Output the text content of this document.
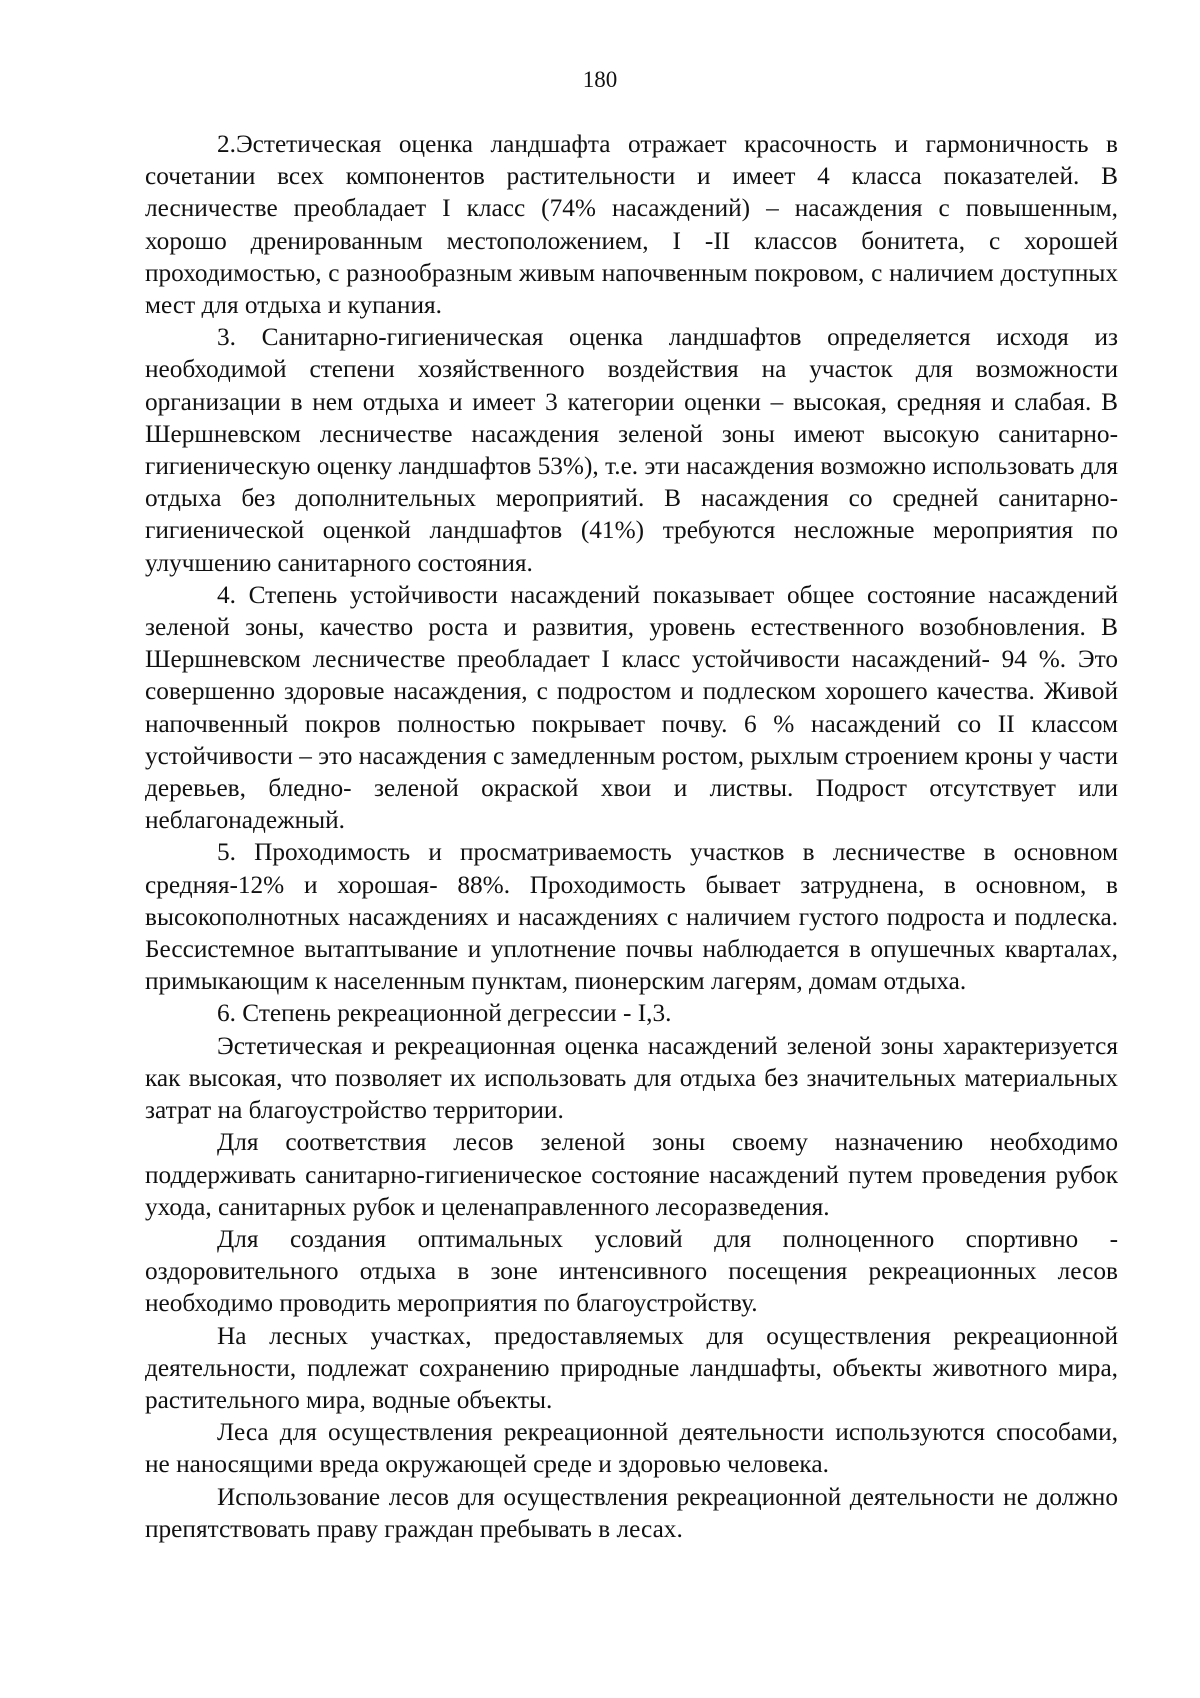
180

2.Эстетическая оценка ландшафта отражает красочность и гармоничность в сочетании всех компонентов растительности и имеет 4 класса показателей. В лесничестве преобладает I класс (74% насаждений) – насаждения с повышенным, хорошо дренированным местоположением, I -II классов бонитета, с хорошей проходимостью, с разнообразным живым напочвенным покровом, с наличием доступных мест для отдыха и купания.

3. Санитарно-гигиеническая оценка ландшафтов определяется исходя из необходимой степени хозяйственного воздействия на участок для возможности организации в нем отдыха и имеет 3 категории оценки – высокая, средняя и слабая. В Шершневском лесничестве насаждения зеленой зоны имеют высокую санитарно-гигиеническую оценку ландшафтов 53%), т.е. эти насаждения возможно использовать для отдыха без дополнительных мероприятий. В насаждения со средней санитарно-гигиенической оценкой ландшафтов (41%) требуются несложные мероприятия по улучшению санитарного состояния.

4. Степень устойчивости насаждений показывает общее состояние насаждений зеленой зоны, качество роста и развития, уровень естественного возобновления. В Шершневском лесничестве преобладает I класс устойчивости насаждений- 94 %. Это совершенно здоровые насаждения, с подростом и подлеском хорошего качества. Живой напочвенный покров полностью покрывает почву. 6 % насаждений со II классом устойчивости – это насаждения с замедленным ростом, рыхлым строением кроны у части деревьев, бледно- зеленой окраской хвои и листвы. Подрост отсутствует или неблагонадежный.

5. Проходимость и просматриваемость участков в лесничестве в основном средняя-12% и хорошая- 88%. Проходимость бывает затруднена, в основном, в высокополнотных насаждениях и насаждениях с наличием густого подроста и подлеска. Бессистемное вытаптывание и уплотнение почвы наблюдается в опушечных кварталах, примыкающим к населенным пунктам, пионерским лагерям, домам отдыха.

6. Степень рекреационной дегрессии - I,3.

Эстетическая и рекреационная оценка насаждений зеленой зоны характеризуется как высокая, что позволяет их использовать для отдыха без значительных материальных затрат на благоустройство территории.

Для соответствия лесов зеленой зоны своему назначению необходимо поддерживать санитарно-гигиеническое состояние насаждений путем проведения рубок ухода, санитарных рубок и целенаправленного лесоразведения.

Для создания оптимальных условий для полноценного спортивно - оздоровительного отдыха в зоне интенсивного посещения рекреационных лесов необходимо проводить мероприятия по благоустройству.

На лесных участках, предоставляемых для осуществления рекреационной деятельности, подлежат сохранению природные ландшафты, объекты животного мира, растительного мира, водные объекты.

Леса для осуществления рекреационной деятельности используются способами, не наносящими вреда окружающей среде и здоровью человека.

Использование лесов для осуществления рекреационной деятельности не должно препятствовать праву граждан пребывать в лесах.
